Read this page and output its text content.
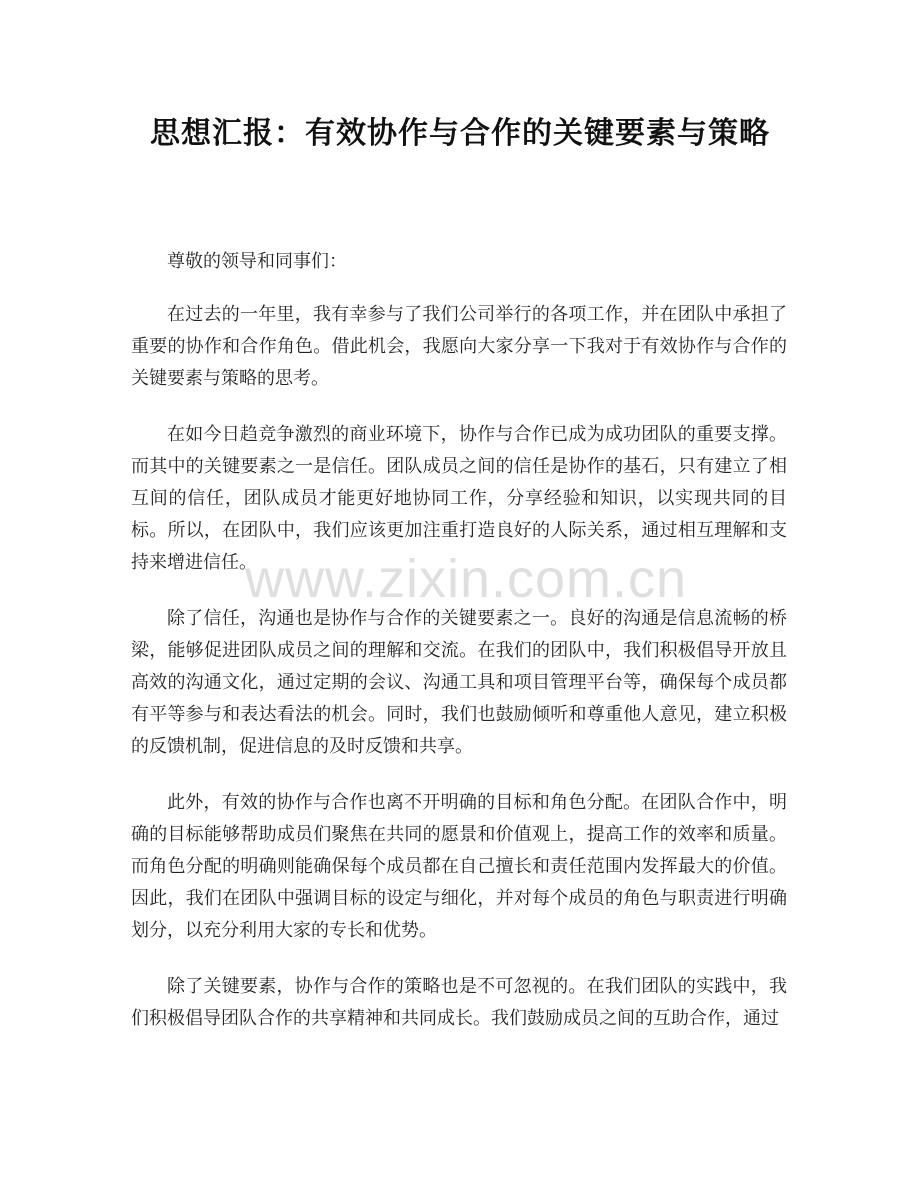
思想汇报：有效协作与合作的关键要素与策略

尊敬的领导和同事们：

在过去的一年里，我有幸参与了我们公司举行的各项工作，并在团队中承担了重要的协作和合作角色。借此机会，我愿向大家分享一下我对于有效协作与合作的关键要素与策略的思考。

在如今日趋竞争激烈的商业环境下，协作与合作已成为成功团队的重要支撑。而其中的关键要素之一是信任。团队成员之间的信任是协作的基石，只有建立了相互间的信任，团队成员才能更好地协同工作，分享经验和知识，以实现共同的目标。所以，在团队中，我们应该更加注重打造良好的人际关系，通过相互理解和支持来增进信任。

除了信任，沟通也是协作与合作的关键要素之一。良好的沟通是信息流畅的桥梁，能够促进团队成员之间的理解和交流。在我们的团队中，我们积极倡导开放且高效的沟通文化，通过定期的会议、沟通工具和项目管理平台等，确保每个成员都有平等参与和表达看法的机会。同时，我们也鼓励倾听和尊重他人意见，建立积极的反馈机制，促进信息的及时反馈和共享。

此外，有效的协作与合作也离不开明确的目标和角色分配。在团队合作中，明确的目标能够帮助成员们聚焦在共同的愿景和价值观上，提高工作的效率和质量。而角色分配的明确则能确保每个成员都在自己擅长和责任范围内发挥最大的价值。因此，我们在团队中强调目标的设定与细化，并对每个成员的角色与职责进行明确划分，以充分利用大家的专长和优势。

除了关键要素，协作与合作的策略也是不可忽视的。在我们团队的实践中，我们积极倡导团队合作的共享精神和共同成长。我们鼓励成员之间的互助合作，通过

www.zixin.com.cn
